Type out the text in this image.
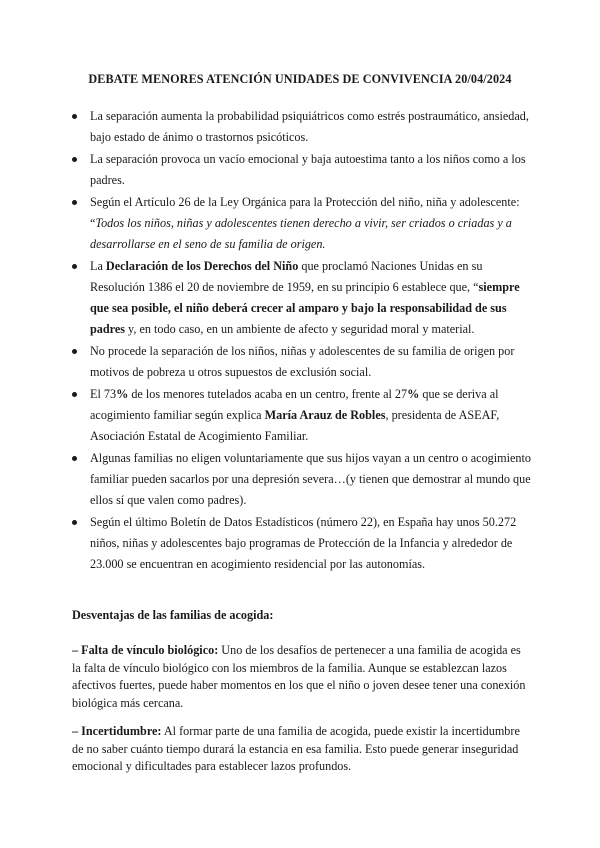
DEBATE MENORES ATENCIÓN UNIDADES DE CONVIVENCIA 20/04/2024
La separación aumenta la probabilidad psiquiátricos como estrés postraumático, ansiedad, bajo estado de ánimo o trastornos psicóticos.
La separación provoca un vacío emocional y baja autoestima tanto a los niños como a los padres.
Según el Artículo 26 de la Ley Orgánica para la Protección del niño, niña y adolescente: “Todos los niños, niñas y adolescentes tienen derecho a vivir, ser criados o criadas y a desarrollarse en el seno de su familia de origen.
La Declaración de los Derechos del Niño que proclamó Naciones Unidas en su Resolución 1386 el 20 de noviembre de 1959, en su principio 6 establece que, “siempre que sea posible, el niño deberá crecer al amparo y bajo la responsabilidad de sus padres y, en todo caso, en un ambiente de afecto y seguridad moral y material.
No procede la separación de los niños, niñas y adolescentes de su familia de origen por motivos de pobreza u otros supuestos de exclusión social.
El 73% de los menores tutelados acaba en un centro, frente al 27% que se deriva al acogimiento familiar según explica María Arauz de Robles, presidenta de ASEAF, Asociación Estatal de Acogimiento Familiar.
Algunas familias no eligen voluntariamente que sus hijos vayan a un centro o acogimiento familiar pueden sacarlos por una depresión severa…(y tienen que demostrar al mundo que ellos sí que valen como padres).
Según el último Boletín de Datos Estadísticos (número 22), en España hay unos 50.272 niños, niñas y adolescentes bajo programas de Protección de la Infancia y alrededor de 23.000 se encuentran en acogimiento residencial por las autonomías.
Desventajas de las familias de acogida:

– Falta de vínculo biológico: Uno de los desafíos de pertenecer a una familia de acogida es la falta de vínculo biológico con los miembros de la familia. Aunque se establezcan lazos afectivos fuertes, puede haber momentos en los que el niño o joven desee tener una conexión biológica más cercana.

– Incertidumbre: Al formar parte de una familia de acogida, puede existir la incertidumbre de no saber cuánto tiempo durará la estancia en esa familia. Esto puede generar inseguridad emocional y dificultades para establecer lazos profundos.
